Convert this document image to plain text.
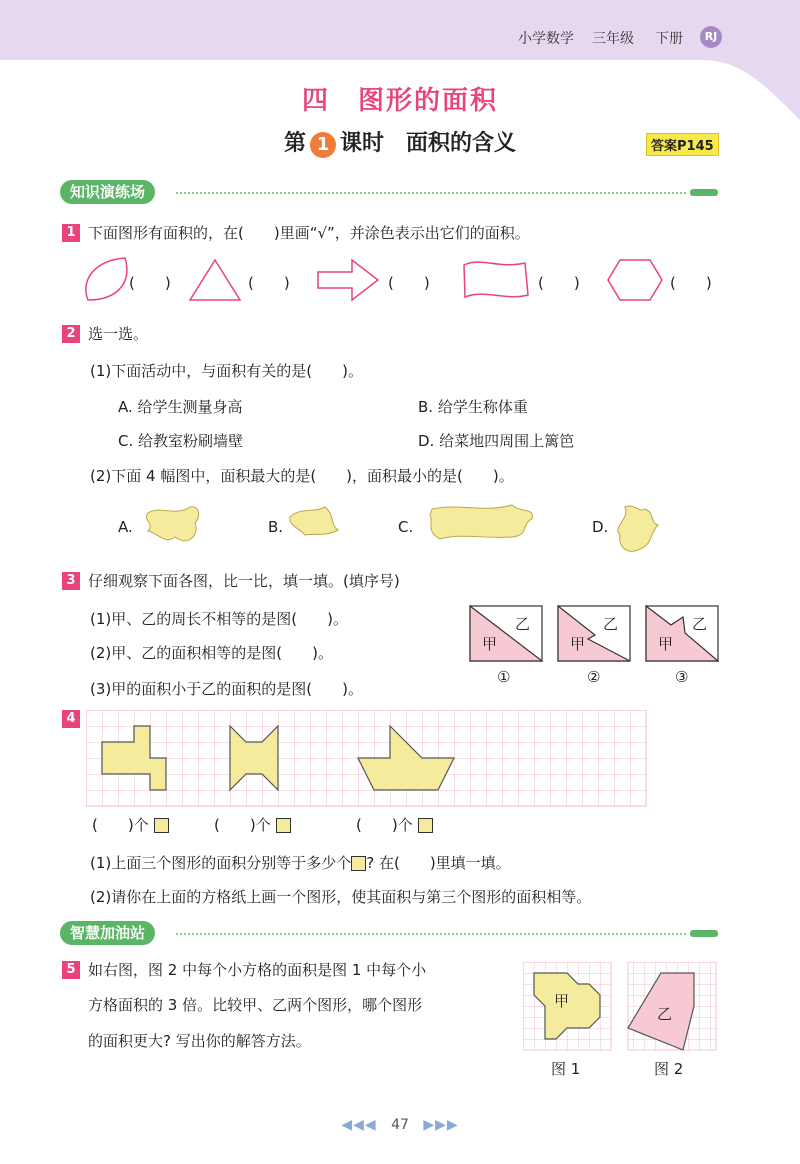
小学数学 三年级 下册	RJ
四　图形的面积
第 1 课时　面积的含义	答案P145
知识演练场
1 下面图形有面积的，在(　　)里画“√”，并涂色表示出它们的面积。
(　　)	(　　)	(　　)	(　　)	(　　)
2 选一选。
(1)下面活动中，与面积有关的是(　　)。
A. 给学生测量身高	B. 给学生称体重
C. 给教室粉刷墙壁	D. 给菜地四周围上篱笆
(2)下面 4 幅图中，面积最大的是(　　)，面积最小的是(　　)。
A.	B.	C.	D.
3 仔细观察下面各图，比一比，填一填。(填序号)
(1)甲、乙的周长不相等的是图(　　)。
(2)甲、乙的面积相等的是图(　　)。
(3)甲的面积小于乙的面积的是图(　　)。
甲
乙
甲
乙
甲
乙
①	②	③
4
(　　)个	(　　)个	(　　)个
(1)上面三个图形的面积分别等于多少个 ? 在(　　)里填一填。
(2)请你在上面的方格纸上画一个图形，使其面积与第三个图形的面积相等。
智慧加油站
5 如右图，图 2 中每个小方格的面积是图 1 中每个小
方格面积的 3 倍。比较甲、乙两个图形，哪个图形
的面积更大? 写出你的解答方法。
甲
乙
图 1	图 2
◀◀◀ 47 ▶▶▶
